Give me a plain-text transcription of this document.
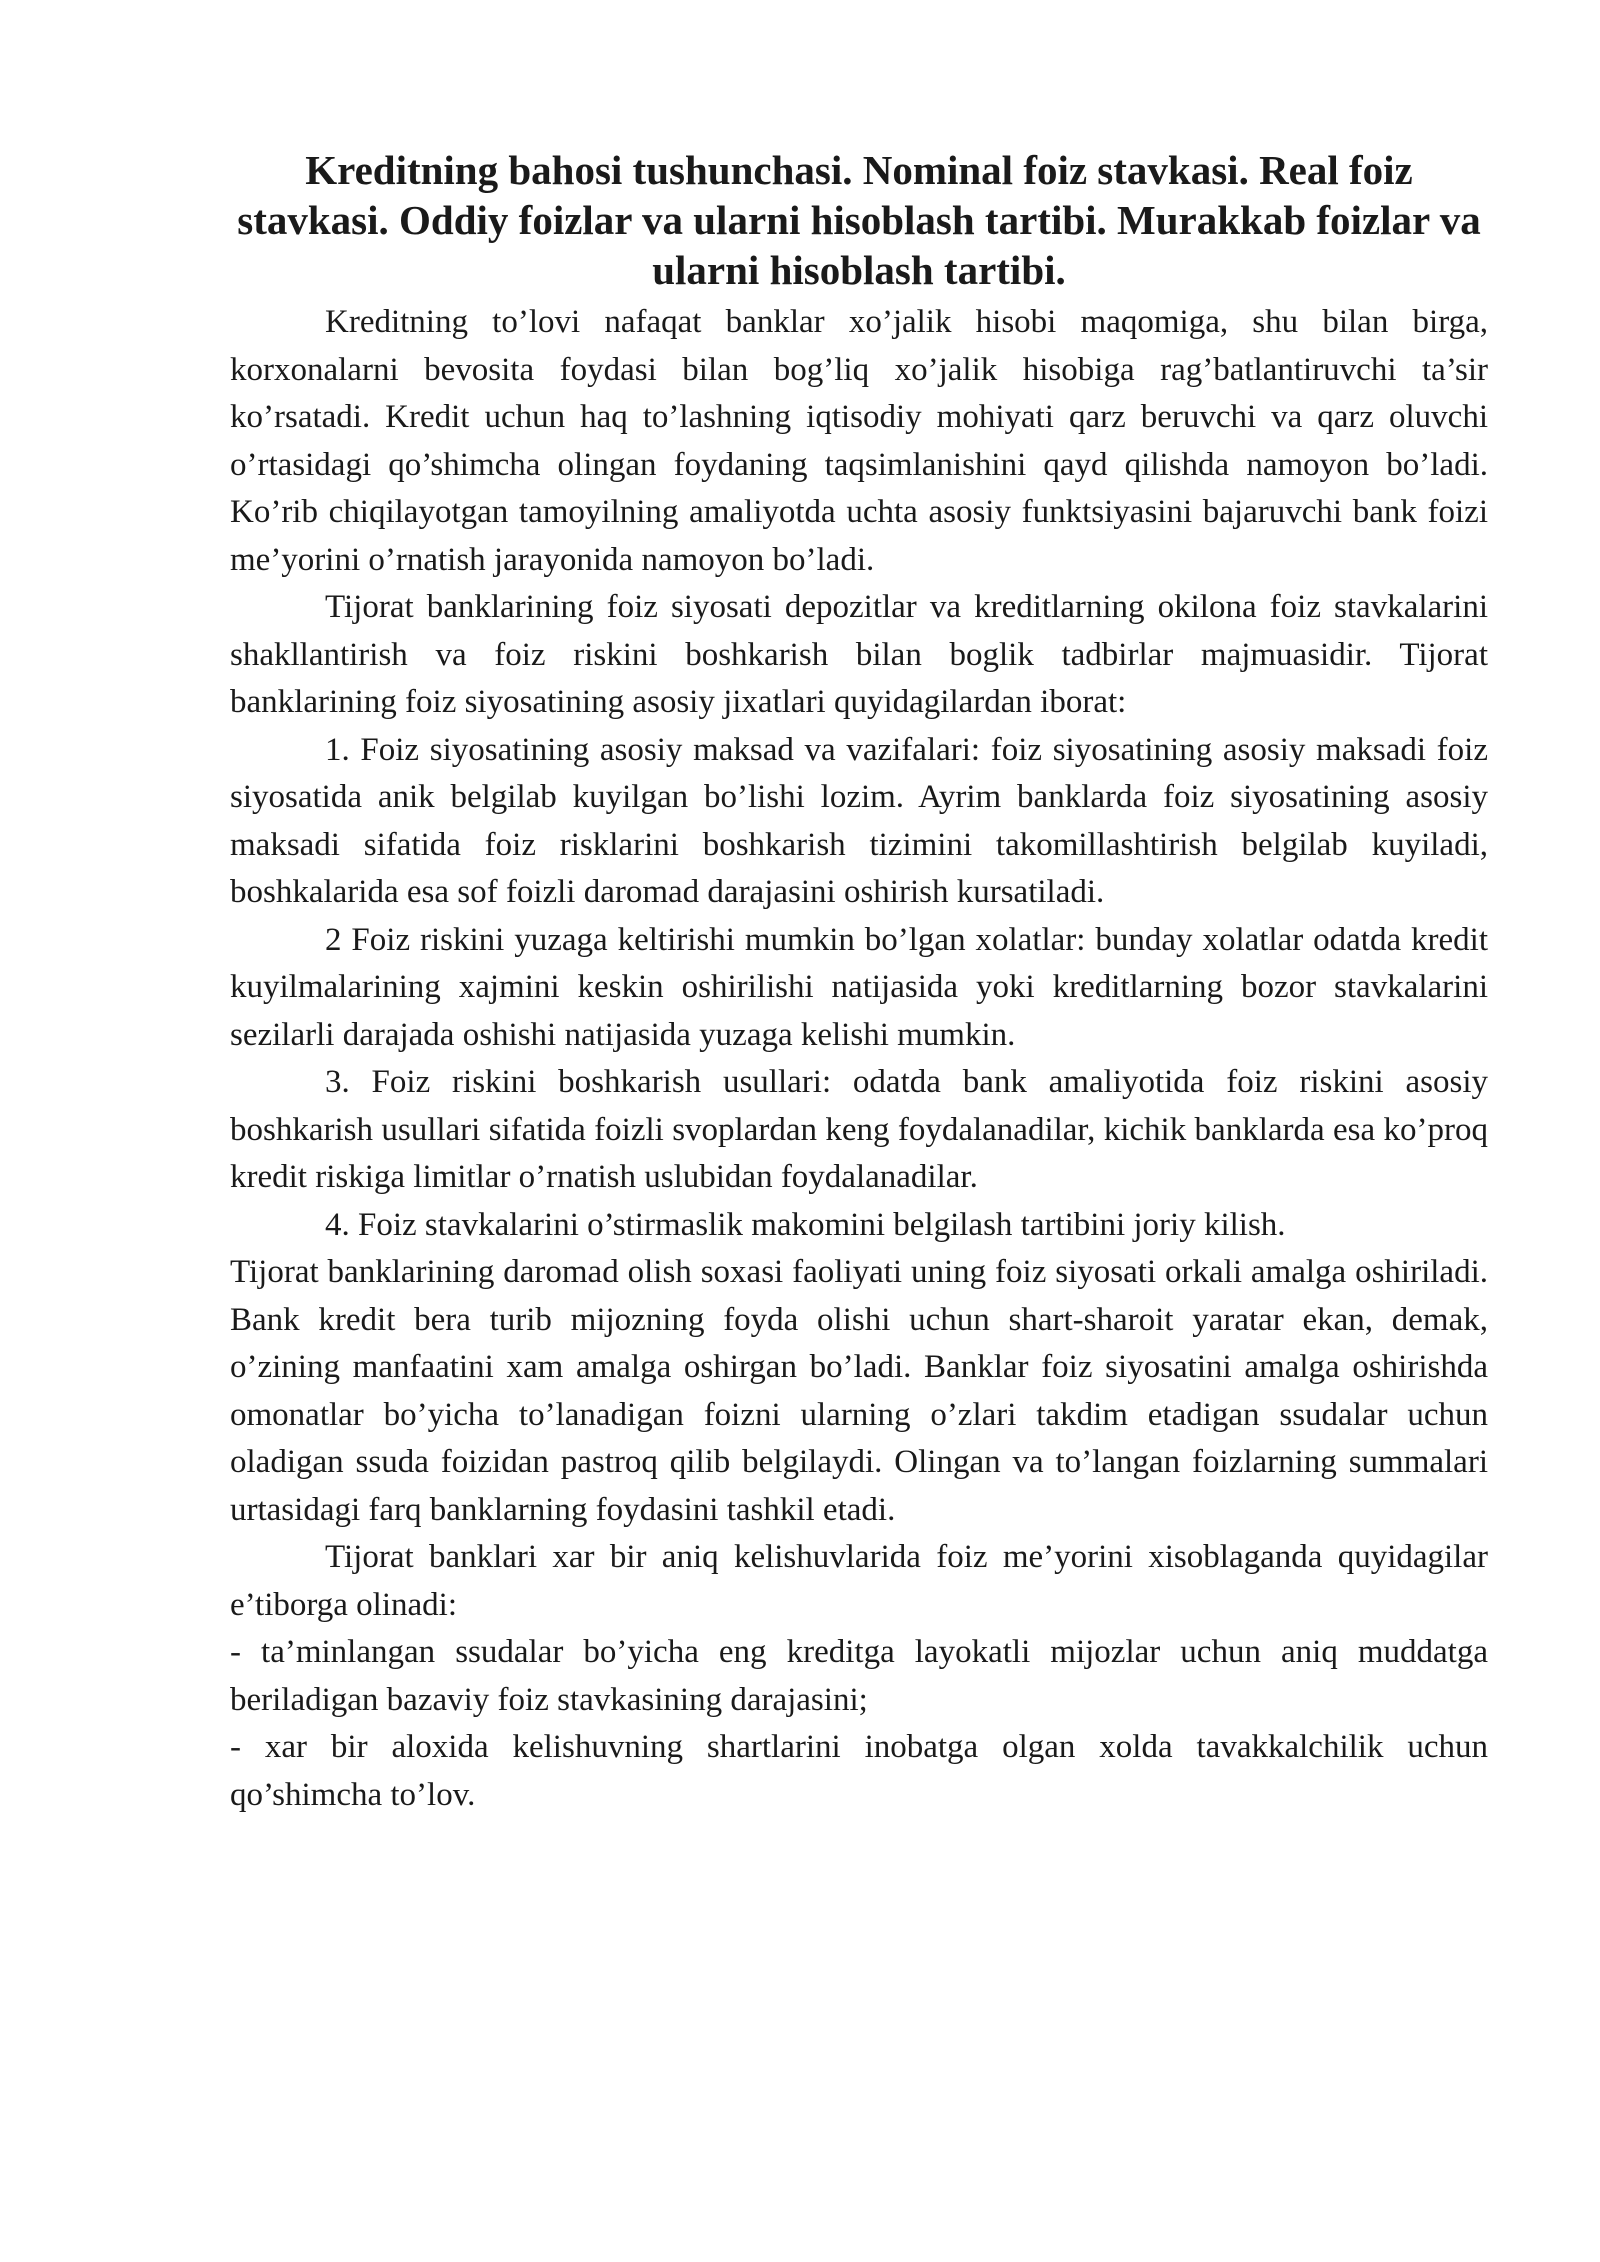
Kreditning bahosi tushunchasi. Nominal foiz stavkasi. Real foiz stavkasi. Oddiy foizlar va ularni hisoblash tartibi. Murakkab foizlar va ularni hisoblash tartibi.

Kreditning to’lovi nafaqat banklar xo’jalik hisobi maqomiga, shu bilan birga, korxonalarni bevosita foydasi bilan bog’liq xo’jalik hisobiga rag’batlantiruvchi ta’sir ko’rsatadi. Kredit uchun haq to’lashning iqtisodiy mohiyati qarz beruvchi va qarz oluvchi o’rtasidagi qo’shimcha olingan foydaning taqsimlanishini qayd qilishda namoyon bo’ladi. Ko’rib chiqilayotgan tamoyilning amaliyotda uchta asosiy funktsiyasini bajaruvchi bank foizi me’yorini o’rnatish jarayonida namoyon bo’ladi.

Tijorat banklarining foiz siyosati depozitlar va kreditlarning okilona foiz stavkalarini shakllantirish va foiz riskini boshkarish bilan boglik tadbirlar majmuasidir. Tijorat banklarining foiz siyosatining asosiy jixatlari quyidagilardan iborat:

1. Foiz siyosatining asosiy maksad va vazifalari: foiz siyosatining asosiy maksadi foiz siyosatida anik belgilab kuyilgan bo’lishi lozim. Ayrim banklarda foiz siyosatining asosiy maksadi sifatida foiz risklarini boshkarish tizimini takomillashtirish belgilab kuyiladi, boshkalarida esa sof foizli daromad darajasini oshirish kursatiladi.

2 Foiz riskini yuzaga keltirishi mumkin bo’lgan xolatlar: bunday xolatlar odatda kredit kuyilmalarining xajmini keskin oshirilishi natijasida yoki kreditlarning bozor stavkalarini sezilarli darajada oshishi natijasida yuzaga kelishi mumkin.

3. Foiz riskini boshkarish usullari: odatda bank amaliyotida foiz riskini asosiy boshkarish usullari sifatida foizli svoplardan keng foydalanadilar, kichik banklarda esa ko’proq kredit riskiga limitlar o’rnatish uslubidan foydalanadilar.

4. Foiz stavkalarini o’stirmaslik makomini belgilash tartibini joriy kilish.

Tijorat banklarining daromad olish soxasi faoliyati uning foiz siyosati orkali amalga oshiriladi. Bank kredit bera turib mijozning foyda olishi uchun shart-sharoit yaratar ekan, demak, o’zining manfaatini xam amalga oshirgan bo’ladi. Banklar foiz siyosatini amalga oshirishda omonatlar bo’yicha to’lanadigan foizni ularning o’zlari takdim etadigan ssudalar uchun oladigan ssuda foizidan pastroq qilib belgilaydi. Olingan va to’langan foizlarning summalari urtasidagi farq banklarning foydasini tashkil etadi.

Tijorat banklari xar bir aniq kelishuvlarida foiz me’yorini xisoblaganda quyidagilar e’tiborga olinadi:

- ta’minlangan ssudalar bo’yicha eng kreditga layokatli mijozlar uchun aniq muddatga beriladigan bazaviy foiz stavkasining darajasini;

- xar bir aloxida kelishuvning shartlarini inobatga olgan xolda tavakkalchilik uchun qo’shimcha to’lov.
